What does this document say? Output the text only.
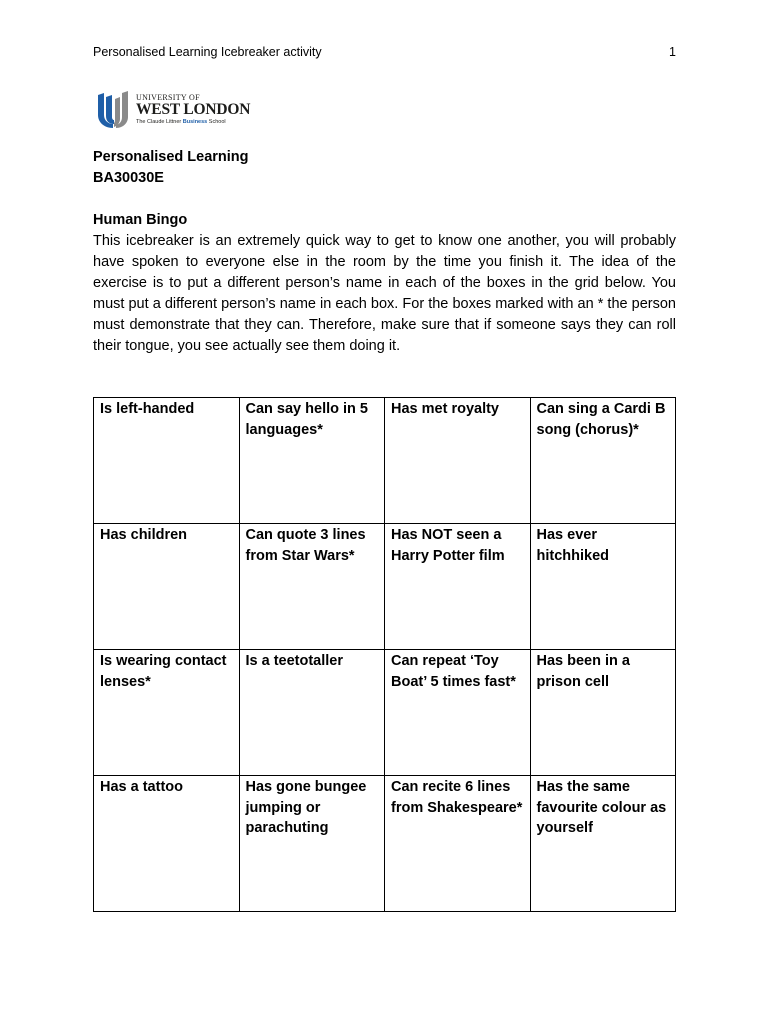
Personalised Learning Icebreaker activity	1
UNIVERSITY OF
WEST LONDON
The Claude Littner Business School
Personalised Learning
BA30030E
Human Bingo

This icebreaker is an extremely quick way to get to know one another, you will probably have spoken to everyone else in the room by the time you finish it. The idea of the exercise is to put a different person’s name in each of the boxes in the grid below. You must put a different person’s name in each box. For the boxes marked with an * the person must demonstrate that they can. Therefore, make sure that if someone says they can roll their tongue, you see actually see them doing it.

Is left-handed	Can say hello in 5 languages*	Has met royalty	Can sing a Cardi B song (chorus)*
Has children	Can quote 3 lines from Star Wars*	Has NOT seen a Harry Potter film	Has ever hitchhiked
Is wearing contact lenses*	Is a teetotaller	Can repeat ‘Toy Boat’ 5 times fast*	Has been in a prison cell
Has a tattoo	Has gone bungee jumping or parachuting	Can recite 6 lines from Shakespeare*	Has the same favourite colour as yourself
